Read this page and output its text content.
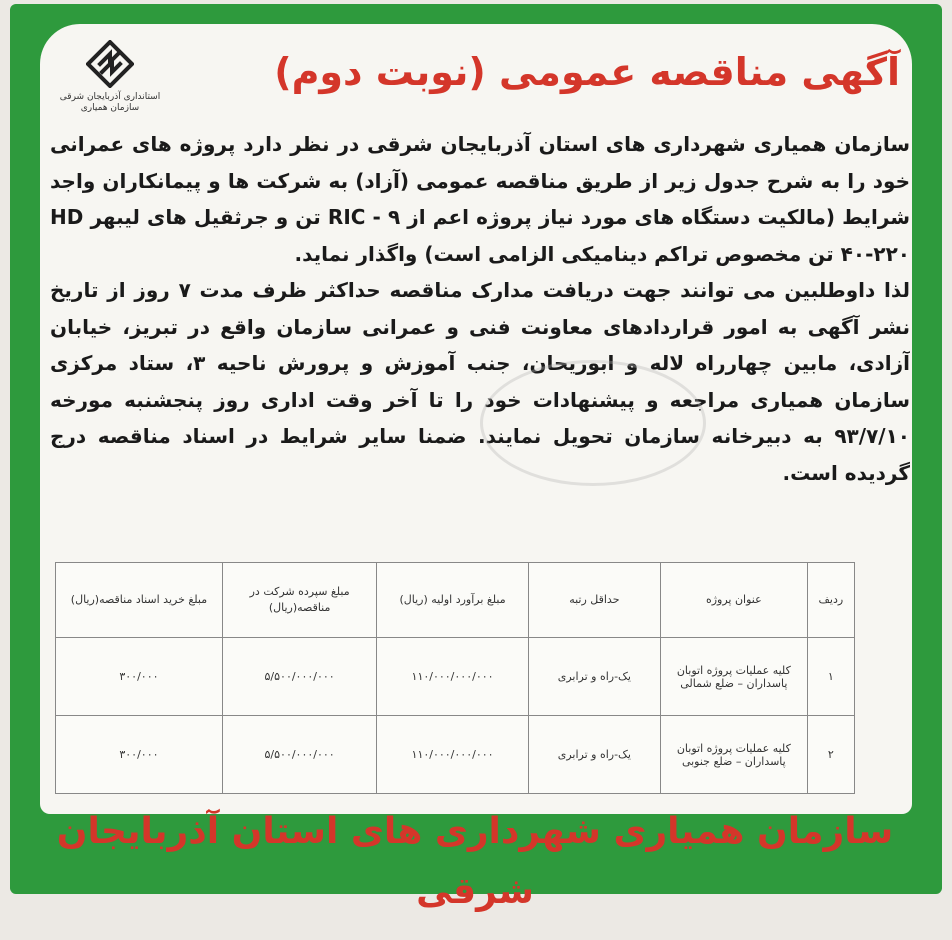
استانداری آذربایجان شرقی
سازمان همیاری
آگهی مناقصه عمومی (نوبت دوم)

سازمان همیاری شهرداری های استان آذربایجان شرقی در نظر دارد پروژه های عمرانی خود را به شرح جدول زیر از طریق مناقصه عمومی (آزاد) به شرکت ها و پیمانکاران واجد شرایط (مالکیت دستگاه های مورد نیاز پروژه اعم از RIC - ۹ تن و جرثقیل های لیبهر HD ۴۰-۲۲۰ تن مخصوص تراکم دینامیکی الزامی است) واگذار نماید.

لذا داوطلبین می توانند جهت دریافت مدارک مناقصه حداکثر ظرف مدت ۷ روز از تاریخ نشر آگهی به امور قراردادهای معاونت فنی و عمرانی سازمان واقع در تبریز، خیابان آزادی، مابین چهارراه لاله و ابوریحان، جنب آموزش و پرورش ناحیه ۳، ستاد مرکزی سازمان همیاری مراجعه و پیشنهادات خود را تا آخر وقت اداری روز پنجشنبه مورخه ۹۳/۷/۱۰ به دبیرخانه سازمان تحویل نمایند. ضمنا سایر شرایط در اسناد مناقصه درج گردیده است.

ردیف	عنوان پروژه	حداقل رتبه	مبلغ برآورد اولیه (ریال)	مبلغ سپرده شرکت در مناقصه(ریال)	مبلغ خرید اسناد مناقصه(ریال)
۱	کلیه عملیات پروژه اتوبان پاسداران – ضلع شمالی	یک-راه و ترابری	۱۱۰/۰۰۰/۰۰۰/۰۰۰	۵/۵۰۰/۰۰۰/۰۰۰	۳۰۰/۰۰۰
۲	کلیه عملیات پروژه اتوبان پاسداران – ضلع جنوبی	یک-راه و ترابری	۱۱۰/۰۰۰/۰۰۰/۰۰۰	۵/۵۰۰/۰۰۰/۰۰۰	۳۰۰/۰۰۰
سازمان همیاری شهرداری های استان آذربایجان شرقی
